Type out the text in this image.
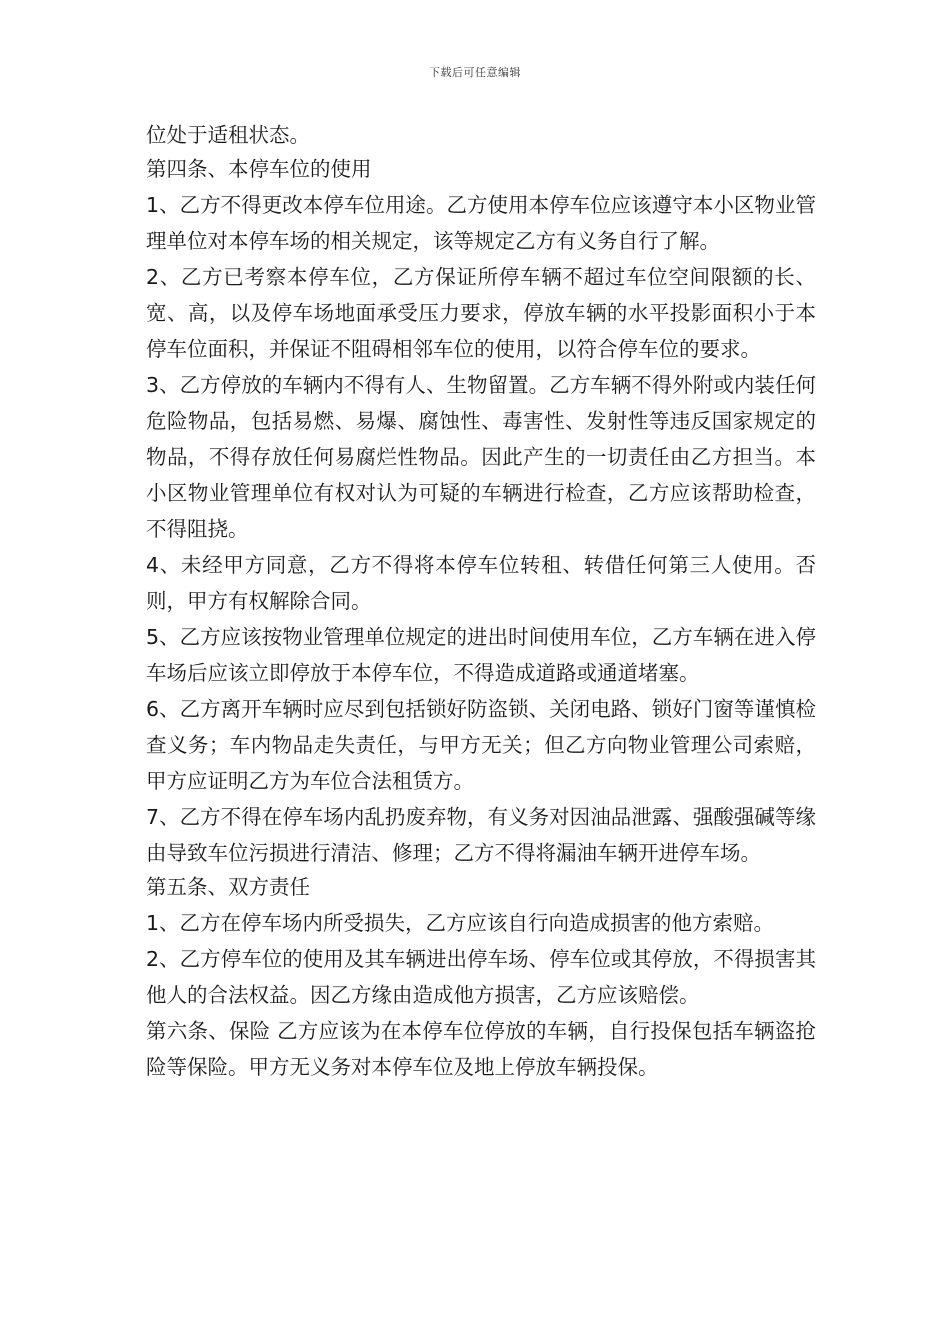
下载后可任意编辑

位处于适租状态。

第四条、本停车位的使用

1、乙方不得更改本停车位用途。乙方使用本停车位应该遵守本小区物业管理单位对本停车场的相关规定，该等规定乙方有义务自行了解。

2、乙方已考察本停车位，乙方保证所停车辆不超过车位空间限额的长、宽、高，以及停车场地面承受压力要求，停放车辆的水平投影面积小于本停车位面积，并保证不阻碍相邻车位的使用，以符合停车位的要求。

3、乙方停放的车辆内不得有人、生物留置。乙方车辆不得外附或内装任何危险物品，包括易燃、易爆、腐蚀性、毒害性、发射性等违反国家规定的物品，不得存放任何易腐烂性物品。因此产生的一切责任由乙方担当。本小区物业管理单位有权对认为可疑的车辆进行检查，乙方应该帮助检查，不得阻挠。

4、未经甲方同意，乙方不得将本停车位转租、转借任何第三人使用。否则，甲方有权解除合同。

5、乙方应该按物业管理单位规定的进出时间使用车位，乙方车辆在进入停车场后应该立即停放于本停车位，不得造成道路或通道堵塞。

6、乙方离开车辆时应尽到包括锁好防盗锁、关闭电路、锁好门窗等谨慎检查义务；车内物品走失责任，与甲方无关；但乙方向物业管理公司索赔，甲方应证明乙方为车位合法租赁方。

7、乙方不得在停车场内乱扔废弃物，有义务对因油品泄露、强酸强碱等缘由导致车位污损进行清洁、修理；乙方不得将漏油车辆开进停车场。

第五条、双方责任

1、乙方在停车场内所受损失，乙方应该自行向造成损害的他方索赔。

2、乙方停车位的使用及其车辆进出停车场、停车位或其停放，不得损害其他人的合法权益。因乙方缘由造成他方损害，乙方应该赔偿。

第六条、保险 乙方应该为在本停车位停放的车辆，自行投保包括车辆盗抢险等保险。甲方无义务对本停车位及地上停放车辆投保。
